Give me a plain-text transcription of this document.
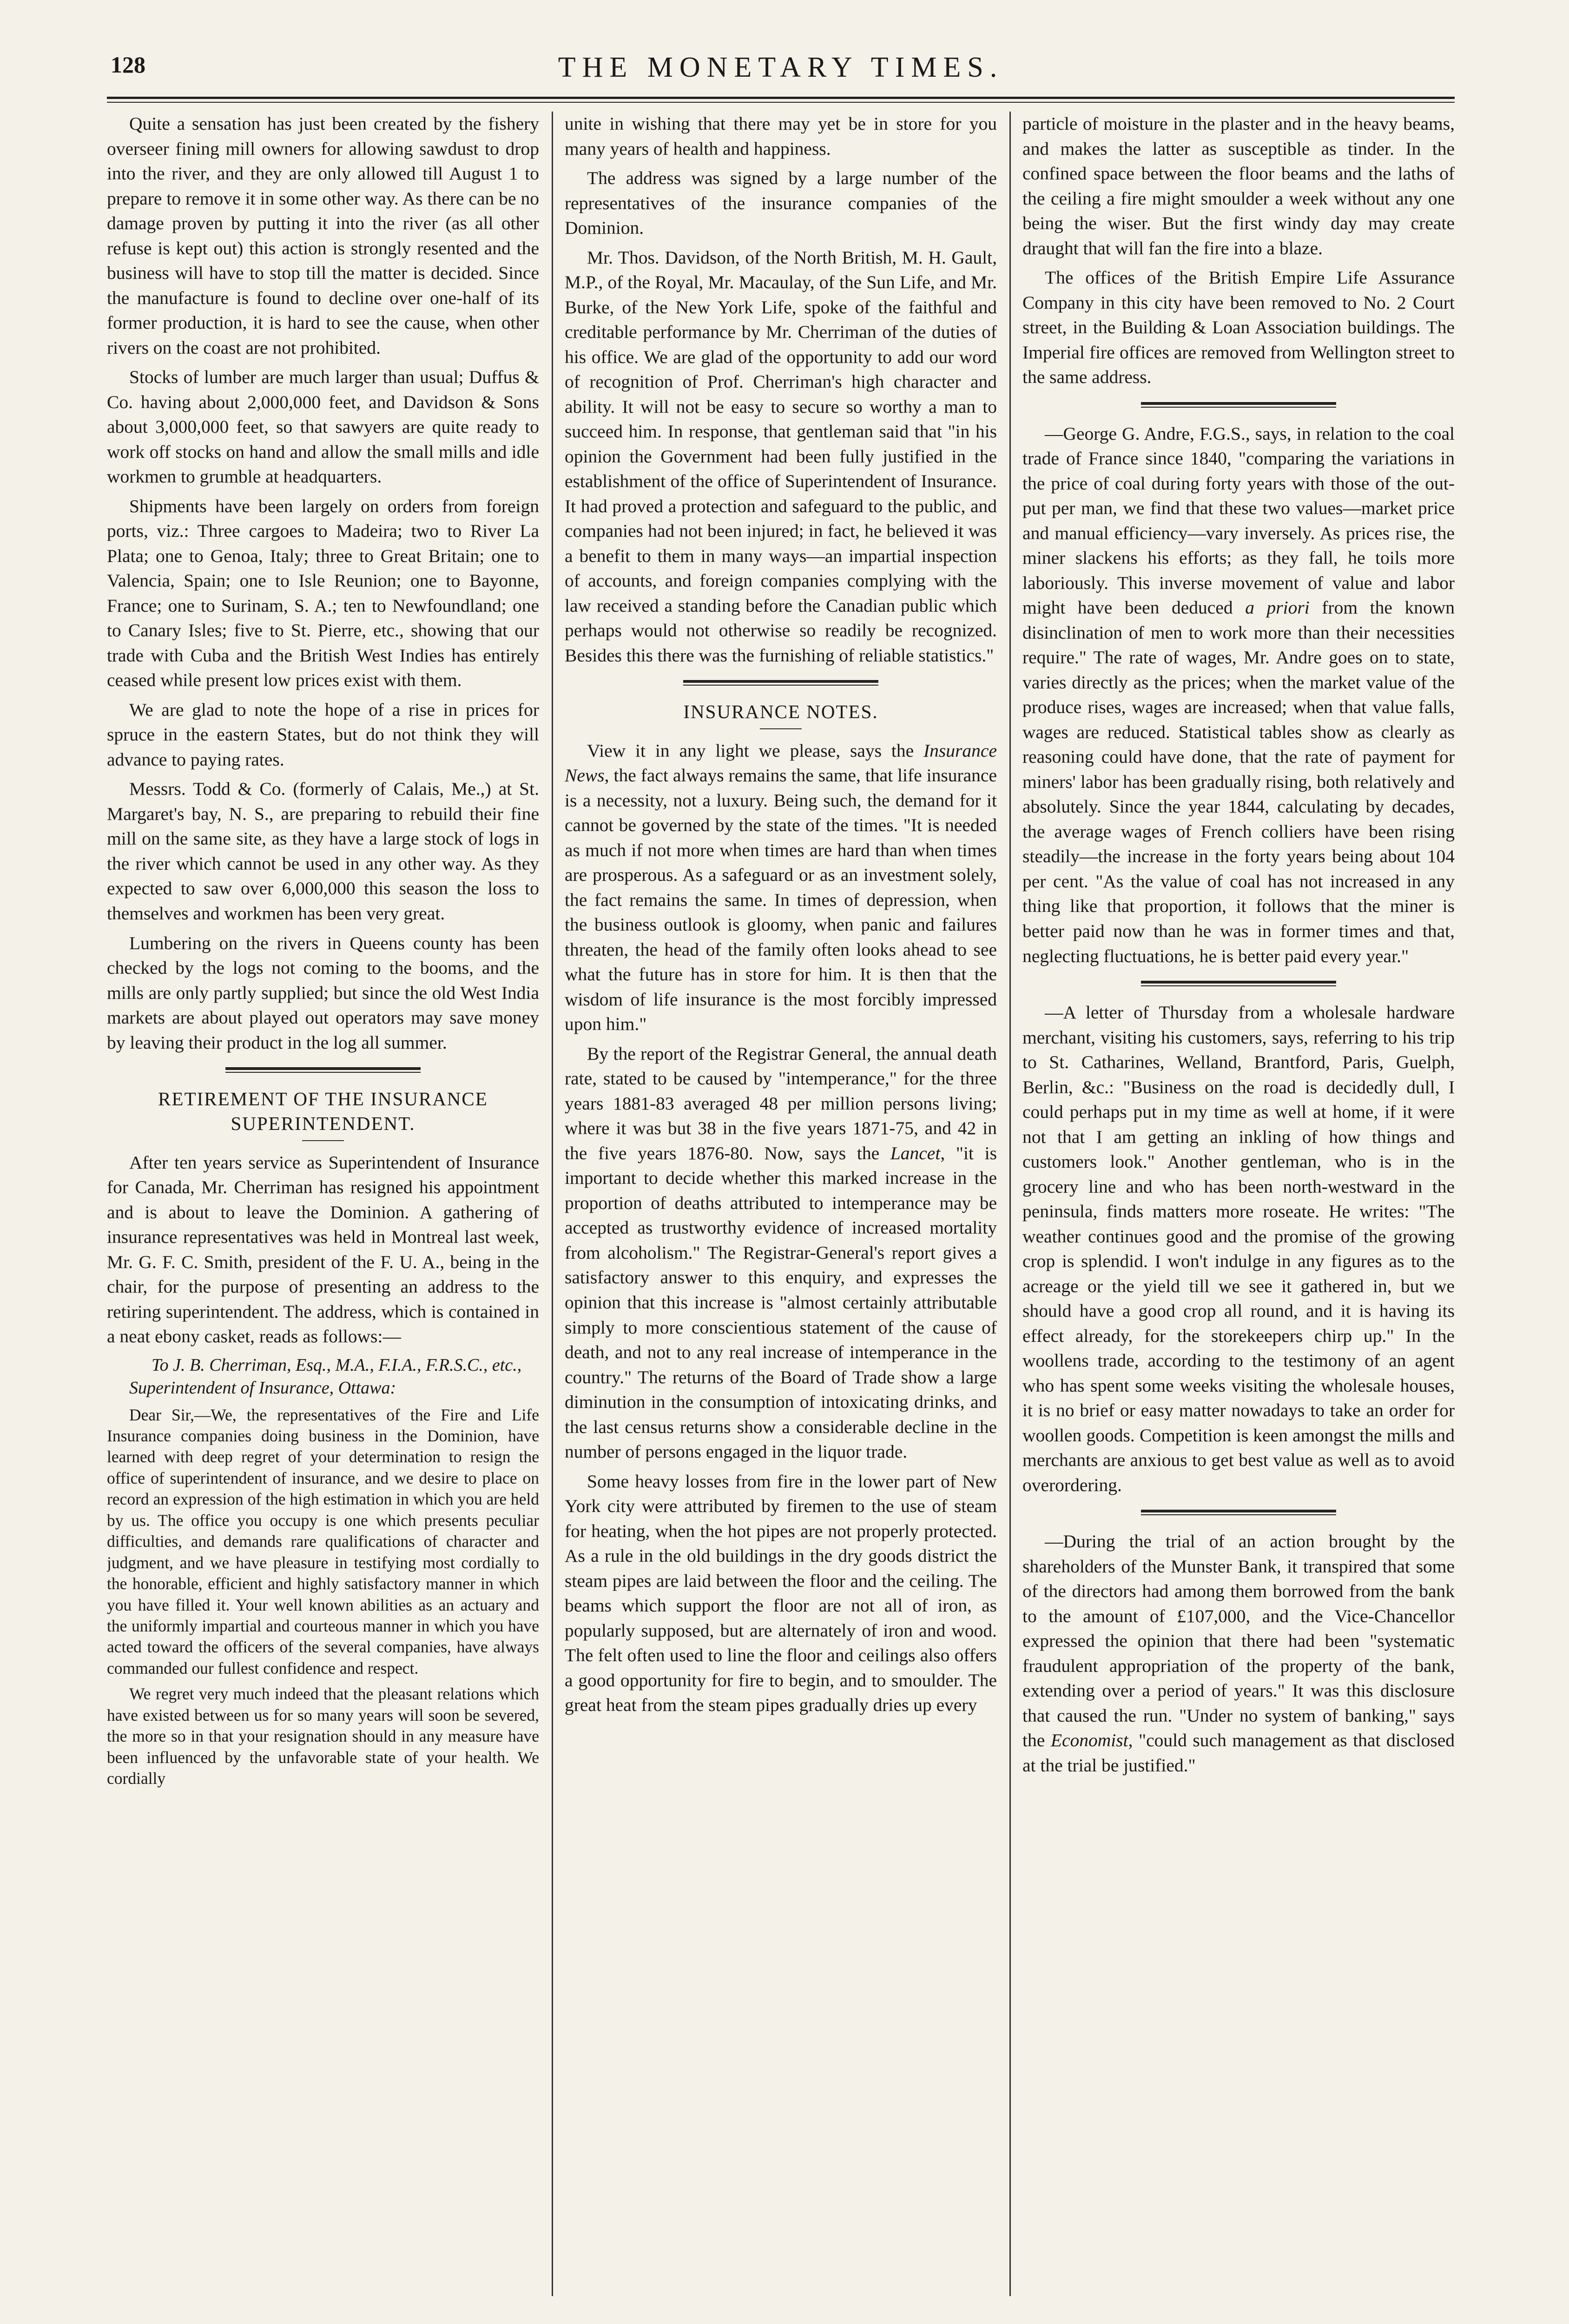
128	THE MONETARY TIMES.

Quite a sensation has just been created by the fishery overseer fining mill owners for allowing sawdust to drop into the river, and they are only allowed till August 1 to prepare to remove it in some other way. As there can be no damage proven by putting it into the river (as all other refuse is kept out) this action is strongly resented and the business will have to stop till the matter is decided. Since the manufacture is found to decline over one-half of its former production, it is hard to see the cause, when other rivers on the coast are not prohibited.

Stocks of lumber are much larger than usual; Duffus & Co. having about 2,000,000 feet, and Davidson & Sons about 3,000,000 feet, so that sawyers are quite ready to work off stocks on hand and allow the small mills and idle workmen to grumble at headquarters.

Shipments have been largely on orders from foreign ports, viz.: Three cargoes to Madeira; two to River La Plata; one to Genoa, Italy; three to Great Britain; one to Valencia, Spain; one to Isle Reunion; one to Bayonne, France; one to Surinam, S. A.; ten to Newfoundland; one to Canary Isles; five to St. Pierre, etc., showing that our trade with Cuba and the British West Indies has entirely ceased while present low prices exist with them.

We are glad to note the hope of a rise in prices for spruce in the eastern States, but do not think they will advance to paying rates.

Messrs. Todd & Co. (formerly of Calais, Me.,) at St. Margaret's bay, N. S., are preparing to rebuild their fine mill on the same site, as they have a large stock of logs in the river which cannot be used in any other way. As they expected to saw over 6,000,000 this season the loss to themselves and workmen has been very great.

Lumbering on the rivers in Queens county has been checked by the logs not coming to the booms, and the mills are only partly supplied; but since the old West India markets are about played out operators may save money by leaving their product in the log all summer.

RETIREMENT OF THE INSURANCE SUPERINTENDENT.

After ten years service as Superintendent of Insurance for Canada, Mr. Cherriman has resigned his appointment and is about to leave the Dominion. A gathering of insurance representatives was held in Montreal last week, Mr. G. F. C. Smith, president of the F. U. A., being in the chair, for the purpose of presenting an address to the retiring superintendent. The address, which is contained in a neat ebony casket, reads as follows:—

To J. B. Cherriman, Esq., M.A., F.I.A., F.R.S.C., etc., Superintendent of Insurance, Ottawa:

Dear Sir,—We, the representatives of the Fire and Life Insurance companies doing business in the Dominion, have learned with deep regret of your determination to resign the office of superintendent of insurance, and we desire to place on record an expression of the high estimation in which you are held by us. The office you occupy is one which presents peculiar difficulties, and demands rare qualifications of character and judgment, and we have pleasure in testifying most cordially to the honorable, efficient and highly satisfactory manner in which you have filled it. Your well known abilities as an actuary and the uniformly impartial and courteous manner in which you have acted toward the officers of the several companies, have always commanded our fullest confidence and respect.

We regret very much indeed that the pleasant relations which have existed between us for so many years will soon be severed, the more so in that your resignation should in any measure have been influenced by the unfavorable state of your health. We cordially

unite in wishing that there may yet be in store for you many years of health and happiness.

The address was signed by a large number of the representatives of the insurance companies of the Dominion.

Mr. Thos. Davidson, of the North British, M. H. Gault, M.P., of the Royal, Mr. Macaulay, of the Sun Life, and Mr. Burke, of the New York Life, spoke of the faithful and creditable performance by Mr. Cherriman of the duties of his office. We are glad of the opportunity to add our word of recognition of Prof. Cherriman's high character and ability. It will not be easy to secure so worthy a man to succeed him. In response, that gentleman said that "in his opinion the Government had been fully justified in the establishment of the office of Superintendent of Insurance. It had proved a protection and safeguard to the public, and companies had not been injured; in fact, he believed it was a benefit to them in many ways—an impartial inspection of accounts, and foreign companies complying with the law received a standing before the Canadian public which perhaps would not otherwise so readily be recognized. Besides this there was the furnishing of reliable statistics."

INSURANCE NOTES.

View it in any light we please, says the Insurance News, the fact always remains the same, that life insurance is a necessity, not a luxury. Being such, the demand for it cannot be governed by the state of the times. "It is needed as much if not more when times are hard than when times are prosperous. As a safeguard or as an investment solely, the fact remains the same. In times of depression, when the business outlook is gloomy, when panic and failures threaten, the head of the family often looks ahead to see what the future has in store for him. It is then that the wisdom of life insurance is the most forcibly impressed upon him."

By the report of the Registrar General, the annual death rate, stated to be caused by "intemperance," for the three years 1881-83 averaged 48 per million persons living; where it was but 38 in the five years 1871-75, and 42 in the five years 1876-80. Now, says the Lancet, "it is important to decide whether this marked increase in the proportion of deaths attributed to intemperance may be accepted as trustworthy evidence of increased mortality from alcoholism." The Registrar-General's report gives a satisfactory answer to this enquiry, and expresses the opinion that this increase is "almost certainly attributable simply to more conscientious statement of the cause of death, and not to any real increase of intemperance in the country." The returns of the Board of Trade show a large diminution in the consumption of intoxicating drinks, and the last census returns show a considerable decline in the number of persons engaged in the liquor trade.

Some heavy losses from fire in the lower part of New York city were attributed by firemen to the use of steam for heating, when the hot pipes are not properly protected. As a rule in the old buildings in the dry goods district the steam pipes are laid between the floor and the ceiling. The beams which support the floor are not all of iron, as popularly supposed, but are alternately of iron and wood. The felt often used to line the floor and ceilings also offers a good opportunity for fire to begin, and to smoulder. The great heat from the steam pipes gradually dries up every

particle of moisture in the plaster and in the heavy beams, and makes the latter as susceptible as tinder. In the confined space between the floor beams and the laths of the ceiling a fire might smoulder a week without any one being the wiser. But the first windy day may create draught that will fan the fire into a blaze.

The offices of the British Empire Life Assurance Company in this city have been removed to No. 2 Court street, in the Building & Loan Association buildings. The Imperial fire offices are removed from Wellington street to the same address.

—George G. Andre, F.G.S., says, in relation to the coal trade of France since 1840, "comparing the variations in the price of coal during forty years with those of the out-put per man, we find that these two values—market price and manual efficiency—vary inversely. As prices rise, the miner slackens his efforts; as they fall, he toils more laboriously. This inverse movement of value and labor might have been deduced a priori from the known disinclination of men to work more than their necessities require." The rate of wages, Mr. Andre goes on to state, varies directly as the prices; when the market value of the produce rises, wages are increased; when that value falls, wages are reduced. Statistical tables show as clearly as reasoning could have done, that the rate of payment for miners' labor has been gradually rising, both relatively and absolutely. Since the year 1844, calculating by decades, the average wages of French colliers have been rising steadily—the increase in the forty years being about 104 per cent. "As the value of coal has not increased in any thing like that proportion, it follows that the miner is better paid now than he was in former times and that, neglecting fluctuations, he is better paid every year."

—A letter of Thursday from a wholesale hardware merchant, visiting his customers, says, referring to his trip to St. Catharines, Welland, Brantford, Paris, Guelph, Berlin, &c.: "Business on the road is decidedly dull, I could perhaps put in my time as well at home, if it were not that I am getting an inkling of how things and customers look." Another gentleman, who is in the grocery line and who has been north-westward in the peninsula, finds matters more roseate. He writes: "The weather continues good and the promise of the growing crop is splendid. I won't indulge in any figures as to the acreage or the yield till we see it gathered in, but we should have a good crop all round, and it is having its effect already, for the storekeepers chirp up." In the woollens trade, according to the testimony of an agent who has spent some weeks visiting the wholesale houses, it is no brief or easy matter nowadays to take an order for woollen goods. Competition is keen amongst the mills and merchants are anxious to get best value as well as to avoid overordering.

—During the trial of an action brought by the shareholders of the Munster Bank, it transpired that some of the directors had among them borrowed from the bank to the amount of £107,000, and the Vice-Chancellor expressed the opinion that there had been "systematic fraudulent appropriation of the property of the bank, extending over a period of years." It was this disclosure that caused the run. "Under no system of banking," says the Economist, "could such management as that disclosed at the trial be justified."
